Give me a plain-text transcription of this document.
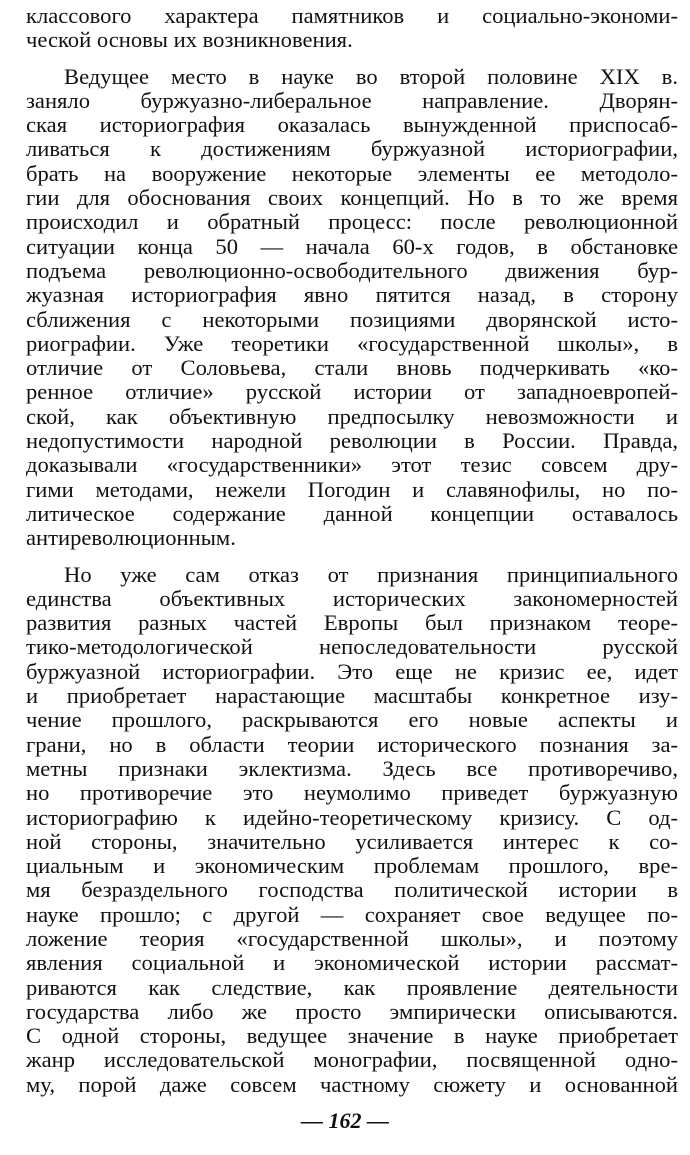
классового характера памятников и социально-экономи-
ческой основы их возникновения.
Ведущее место в науке во второй половине XIX в.
заняло буржуазно-либеральное направление. Дворян-
ская историография оказалась вынужденной приспосаб-
ливаться к достижениям буржуазной историографии,
брать на вооружение некоторые элементы ее методоло-
гии для обоснования своих концепций. Но в то же время
происходил и обратный процесс: после революционной
ситуации конца 50 — начала 60-х годов, в обстановке
подъема революционно-освободительного движения бур-
жуазная историография явно пятится назад, в сторону
сближения с некоторыми позициями дворянской исто-
риографии. Уже теоретики «государственной школы», в
отличие от Соловьева, стали вновь подчеркивать «ко-
ренное отличие» русской истории от западноевропей-
ской, как объективную предпосылку невозможности и
недопустимости народной революции в России. Правда,
доказывали «государственники» этот тезис совсем дру-
гими методами, нежели Погодин и славянофилы, но по-
литическое содержание данной концепции оставалось
антиреволюционным.
Но уже сам отказ от признания принципиального
единства объективных исторических закономерностей
развития разных частей Европы был признаком теоре-
тико-методологической непоследовательности русской
буржуазной историографии. Это еще не кризис ее, идет
и приобретает нарастающие масштабы конкретное изу-
чение прошлого, раскрываются его новые аспекты и
грани, но в области теории исторического познания за-
метны признаки эклектизма. Здесь все противоречиво,
но противоречие это неумолимо приведет буржуазную
историографию к идейно-теоретическому кризису. С од-
ной стороны, значительно усиливается интерес к со-
циальным и экономическим проблемам прошлого, вре-
мя безраздельного господства политической истории в
науке прошло; с другой — сохраняет свое ведущее по-
ложение теория «государственной школы», и поэтому
явления социальной и экономической истории рассмат-
риваются как следствие, как проявление деятельности
государства либо же просто эмпирически описываются.
С одной стороны, ведущее значение в науке приобретает
жанр исследовательской монографии, посвященной одно-
му, порой даже совсем частному сюжету и основанной
— 162 —
